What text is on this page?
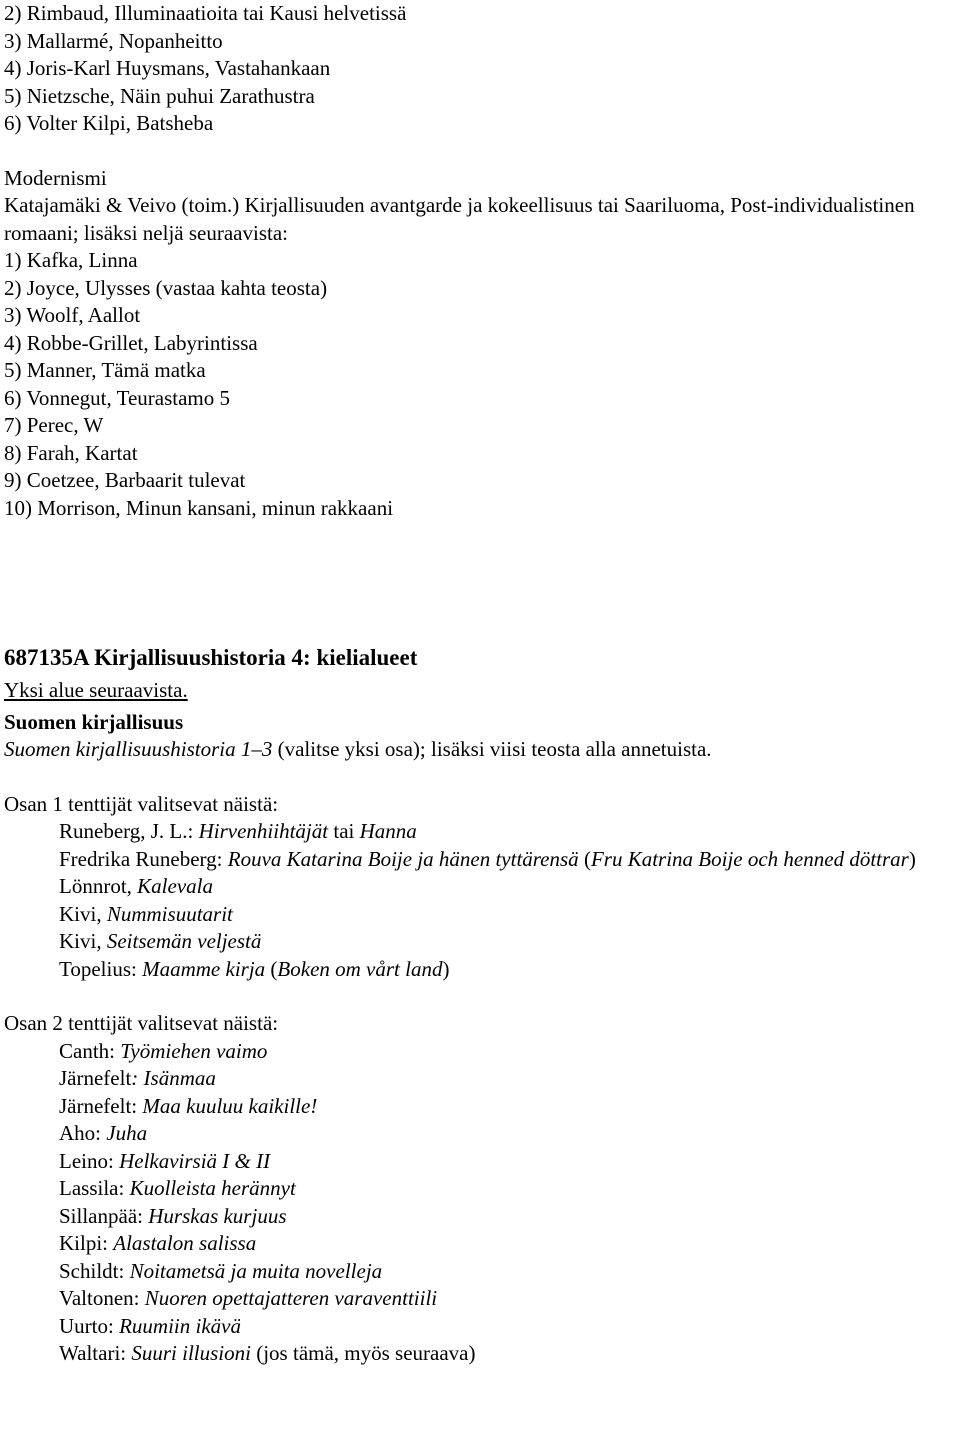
2) Rimbaud, Illuminaatioita tai Kausi helvetissä

3) Mallarmé, Nopanheitto

4) Joris-Karl Huysmans, Vastahankaan

5) Nietzsche, Näin puhui Zarathustra

6) Volter Kilpi, Batsheba

Modernismi

Katajamäki & Veivo (toim.) Kirjallisuuden avantgarde ja kokeellisuus tai Saariluoma, Post-individualistinen romaani; lisäksi neljä seuraavista:

1) Kafka, Linna

2) Joyce, Ulysses (vastaa kahta teosta)

3) Woolf, Aallot

4) Robbe-Grillet, Labyrintissa

5) Manner, Tämä matka

6) Vonnegut, Teurastamo 5

7) Perec, W

8) Farah, Kartat

9) Coetzee, Barbaarit tulevat

10) Morrison, Minun kansani, minun rakkaani

687135A Kirjallisuushistoria 4: kielialueet

Yksi alue seuraavista.

Suomen kirjallisuus

Suomen kirjallisuushistoria 1–3 (valitse yksi osa); lisäksi viisi teosta alla annetuista.

Osan 1 tenttijät valitsevat näistä:

Runeberg, J. L.: Hirvenhiihtäjät tai Hanna

Fredrika Runeberg: Rouva Katarina Boije ja hänen tyttärensä (Fru Katrina Boije och henned döttrar)

Lönnrot, Kalevala

Kivi, Nummisuutarit

Kivi, Seitsemän veljestä

Topelius: Maamme kirja (Boken om vårt land)

Osan 2 tenttijät valitsevat näistä:

Canth: Työmiehen vaimo

Järnefelt: Isänmaa

Järnefelt: Maa kuuluu kaikille!

Aho: Juha

Leino: Helkavirsiä I & II

Lassila: Kuolleista herännyt

Sillanpää: Hurskas kurjuus

Kilpi: Alastalon salissa

Schildt: Noitametsä ja muita novelleja

Valtonen: Nuoren opettajatteren varaventtiili

Uurto: Ruumiin ikävä

Waltari: Suuri illusioni (jos tämä, myös seuraava)
